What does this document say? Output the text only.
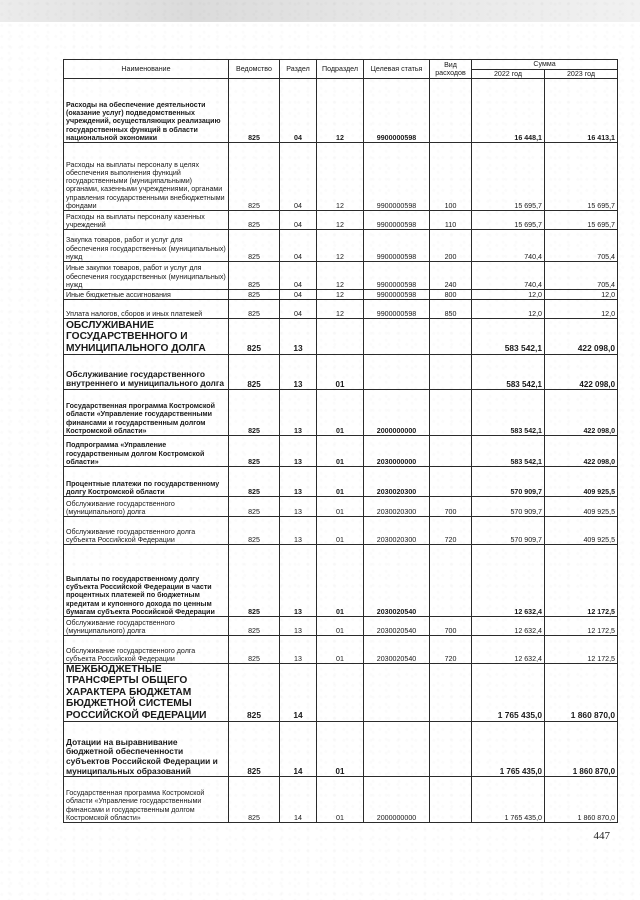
Наименование	Ведомство	Раздел	Подраздел	Целевая статья	Вид расходов	Сумма	
						2022 год	2023 год
Расходы на обеспечение деятельности (оказание услуг) подведомственных учреждений, осуществляющих реализацию государственных функций в области национальной экономики	825	04	12	9900000598		16 448,1	16 413,1
Расходы на выплаты персоналу в целях обеспечения выполнения функций государственными (муниципальными) органами, казенными учреждениями, органами управления государственными внебюджетными фондами	825	04	12	9900000598	100	15 695,7	15 695,7
Расходы на выплаты персоналу казенных учреждений	825	04	12	9900000598	110	15 695,7	15 695,7
Закупка товаров, работ и услуг для обеспечения государственных (муниципальных) нужд	825	04	12	9900000598	200	740,4	705,4
Иные закупки товаров, работ и услуг для обеспечения государственных (муниципальных) нужд	825	04	12	9900000598	240	740,4	705,4
Иные бюджетные ассигнования	825	04	12	9900000598	800	12,0	12,0
Уплата налогов, сборов и иных платежей	825	04	12	9900000598	850	12,0	12,0
ОБСЛУЖИВАНИЕ ГОСУДАРСТВЕННОГО И МУНИЦИПАЛЬНОГО ДОЛГА	825	13				583 542,1	422 098,0
Обслуживание государственного внутреннего и муниципального долга	825	13	01			583 542,1	422 098,0
Государственная программа Костромской области «Управление государственными финансами и государственным долгом Костромской области»	825	13	01	2000000000		583 542,1	422 098,0
Подпрограмма «Управление государственным долгом Костромской области»	825	13	01	2030000000		583 542,1	422 098,0
Процентные платежи по государственному долгу Костромской области	825	13	01	2030020300		570 909,7	409 925,5
Обслуживание государственного (муниципального) долга	825	13	01	2030020300	700	570 909,7	409 925,5
Обслуживание государственного долга субъекта Российской Федерации	825	13	01	2030020300	720	570 909,7	409 925,5
Выплаты по государственному долгу субъекта Российской Федерации в части процентных платежей по бюджетным кредитам и купонного дохода по ценным бумагам субъекта Российской Федерации	825	13	01	2030020540		12 632,4	12 172,5
Обслуживание государственного (муниципального) долга	825	13	01	2030020540	700	12 632,4	12 172,5
Обслуживание государственного долга субъекта Российской Федерации	825	13	01	2030020540	720	12 632,4	12 172,5
МЕЖБЮДЖЕТНЫЕ ТРАНСФЕРТЫ ОБЩЕГО ХАРАКТЕРА БЮДЖЕТАМ БЮДЖЕТНОЙ СИСТЕМЫ РОССИЙСКОЙ ФЕДЕРАЦИИ	825	14				1 765 435,0	1 860 870,0
Дотации на выравнивание бюджетной обеспеченности субъектов Российской Федерации и муниципальных образований	825	14	01			1 765 435,0	1 860 870,0
Государственная программа Костромской области «Управление государственными финансами и государственным долгом Костромской области»	825	14	01	2000000000		1 765 435,0	1 860 870,0
447
